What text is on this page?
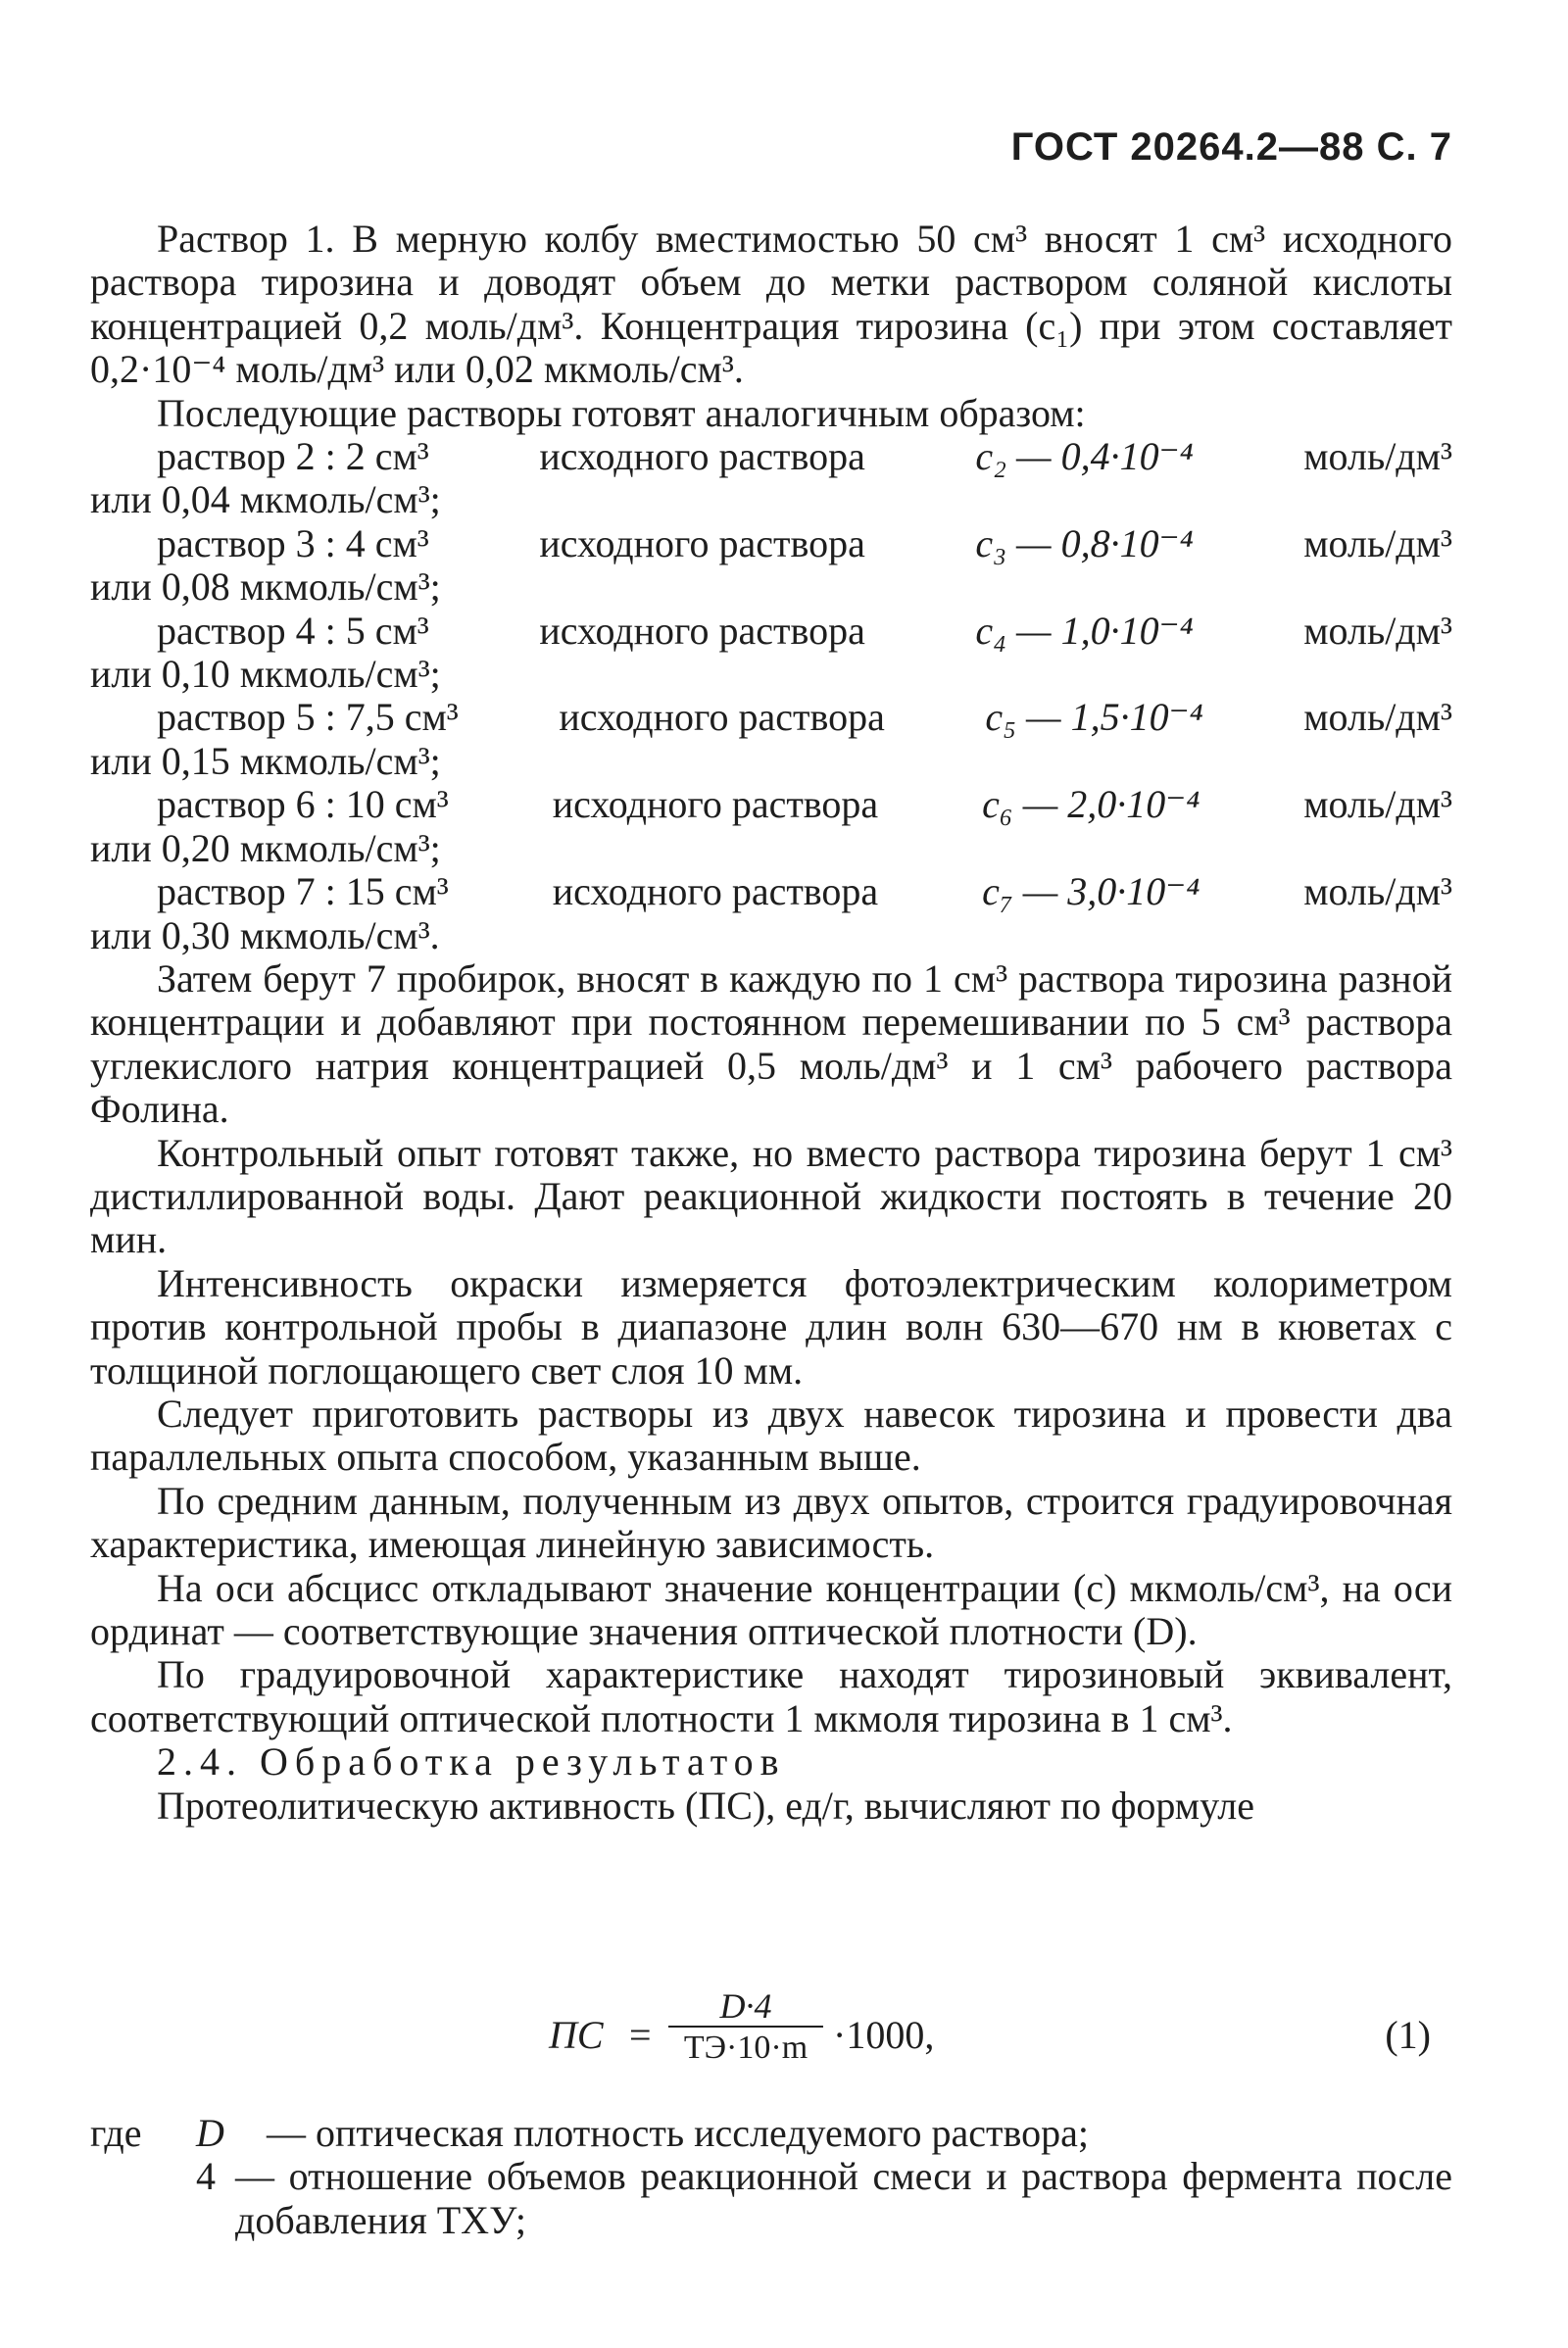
ГОСТ 20264.2—88 С. 7

Раствор 1. В мерную колбу вместимостью 50 см³ вносят 1 см³ исходного раствора тирозина и доводят объем до метки раствором соляной кислоты концентрацией 0,2 моль/дм³. Концентрация тирозина (c₁) при этом составляет 0,2·10⁻⁴ моль/дм³ или 0,02 мкмоль/см³.

Последующие растворы готовят аналогичным образом:

раствор 2 : 2 см³	исходного раствора	c₂ — 0,4·10⁻⁴	моль/дм³
или 0,04 мкмоль/см³;
раствор 3 : 4 см³	исходного раствора	c₃ — 0,8·10⁻⁴	моль/дм³
или 0,08 мкмоль/см³;
раствор 4 : 5 см³	исходного раствора	c₄ — 1,0·10⁻⁴	моль/дм³
или 0,10 мкмоль/см³;
раствор 5 : 7,5 см³	исходного раствора	c₅ — 1,5·10⁻⁴	моль/дм³
или 0,15 мкмоль/см³;
раствор 6 : 10 см³	исходного раствора	c₆ — 2,0·10⁻⁴	моль/дм³
или 0,20 мкмоль/см³;
раствор 7 : 15 см³	исходного раствора	c₇ — 3,0·10⁻⁴	моль/дм³
или 0,30 мкмоль/см³.

Затем берут 7 пробирок, вносят в каждую по 1 см³ раствора тирозина разной концентрации и добавляют при постоянном перемешивании по 5 см³ раствора углекислого натрия концентрацией 0,5 моль/дм³ и 1 см³ рабочего раствора Фолина.

Контрольный опыт готовят также, но вместо раствора тирозина берут 1 см³ дистиллированной воды. Дают реакционной жидкости постоять в течение 20 мин.

Интенсивность окраски измеряется фотоэлектрическим колориметром против контрольной пробы в диапазоне длин волн 630—670 нм в кюветах с толщиной поглощающего свет слоя 10 мм.

Следует приготовить растворы из двух навесок тирозина и провести два параллельных опыта способом, указанным выше.

По средним данным, полученным из двух опытов, строится градуировочная характеристика, имеющая линейную зависимость.

На оси абсцисс откладывают значение концентрации (c) мкмоль/см³, на оси ординат — соответствующие значения оптической плотности (D).

По градуировочной характеристике находят тирозиновый эквивалент, соответствующий оптической плотности 1 мкмоля тирозина в 1 см³.

2.4. Обработка результатов

Протеолитическую активность (ПС), ед/г, вычисляют по формуле

ПС =
D·4
ТЭ·10·m ·1000,	(1)
где	D	— оптическая плотность исследуемого раствора;
4 — отношение объемов реакционной смеси и раствора фермента после добавления ТХУ;
